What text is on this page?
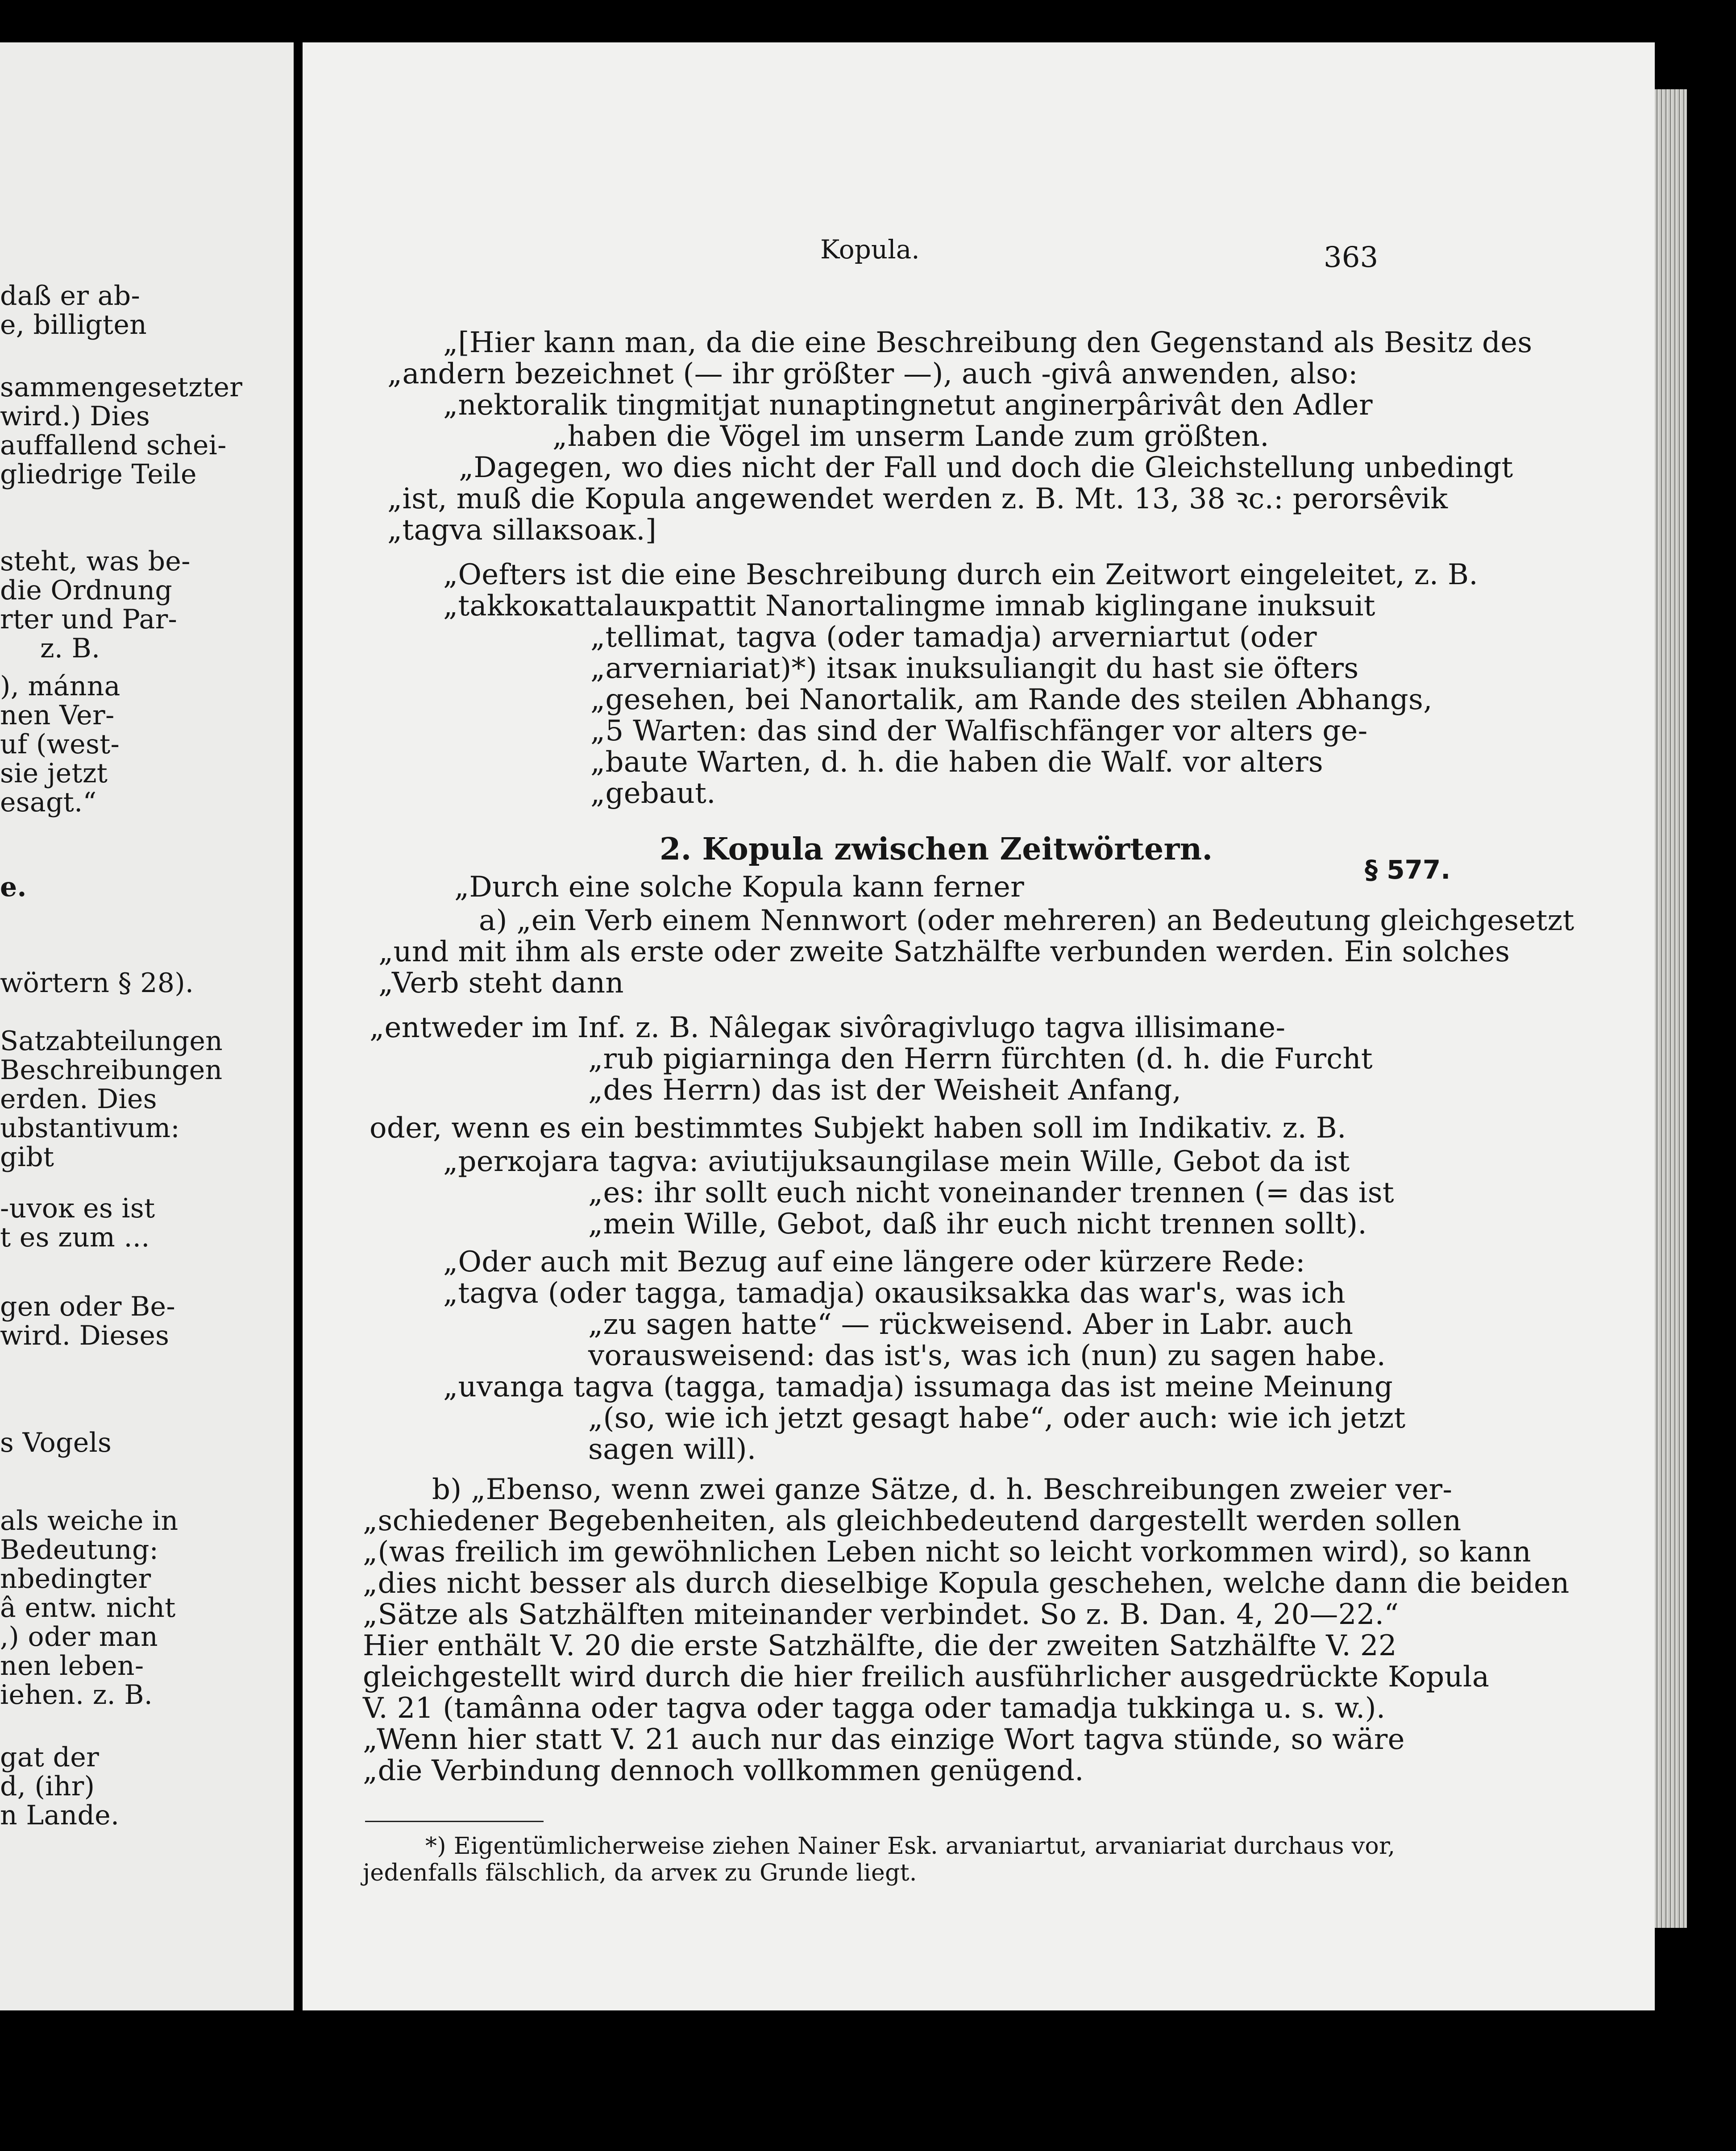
daß er ab-
e, billigten
sammengesetzter
wird.) Dies
auffallend schei-
gliedrige Teile
steht, was be-
die Ordnung
rter und Par-
z. B.
), mánna
nen Ver-
uf (west-
sie jetzt
esagt.“
e.
wörtern § 28).
Satzabteilungen
Beschreibungen
erden. Dies
ubstantivum:
gibt
-uvoĸ es ist
t es zum ...
gen oder Be-
wird. Dieses
s Vogels
als weiche in
Bedeutung:
nbedingter
â entw. nicht
,) oder man
nen leben-
iehen. z. B.
gat der
d, (ihr)
n Lande.
Kopula.	363
„[Hier kann man, da die eine Beschreibung den Gegenstand als Besitz des
„andern bezeichnet (— ihr größter —), auch -givâ anwenden, also:
„nektoralik tingmitjat nunaptingnetut anginerpârivât den Adler
„haben die Vögel im unserm Lande zum größten.
„Dagegen, wo dies nicht der Fall und doch die Gleichstellung unbedingt
„ist, muß die Kopula angewendet werden z. B. Mt. 13, 38 ꝛc.: perorsêvik
„tagva sillaĸsoaĸ.]
„Oefters ist die eine Beschreibung durch ein Zeitwort eingeleitet, z. B.
„takkoĸattalauĸpattit Nanortalingme imnab kiglingane inuksuit
„tellimat, tagva (oder tamadja) arverniartut (oder
„arverniariat)*) itsaĸ inuksuliangit du hast sie öfters
„gesehen, bei Nanortalik, am Rande des steilen Abhangs,
„5 Warten: das sind der Walfischfänger vor alters ge-
„baute Warten, d. h. die haben die Walf. vor alters
„gebaut.
2. Kopula zwischen Zeitwörtern.
§ 577.
„Durch eine solche Kopula kann ferner
a) „ein Verb einem Nennwort (oder mehreren) an Bedeutung gleichgesetzt
„und mit ihm als erste oder zweite Satzhälfte verbunden werden. Ein solches
„Verb steht dann
„entweder im Inf. z. B. Nâlegaĸ sivôragivlugo tagva illisimane-
„rub pigiarninga den Herrn fürchten (d. h. die Furcht
„des Herrn) das ist der Weisheit Anfang,
oder, wenn es ein bestimmtes Subjekt haben soll im Indikativ. z. B.
„perĸojara tagva: aviutijuksaungilase mein Wille, Gebot da ist
„es: ihr sollt euch nicht voneinander trennen (= das ist
„mein Wille, Gebot, daß ihr euch nicht trennen sollt).
„Oder auch mit Bezug auf eine längere oder kürzere Rede:
„tagva (oder tagga, tamadja) oĸausiksakka das war's, was ich
„zu sagen hatte“ — rückweisend. Aber in Labr. auch
vorausweisend: das ist's, was ich (nun) zu sagen habe.
„uvanga tagva (tagga, tamadja) issumaga das ist meine Meinung
„(so, wie ich jetzt gesagt habe“, oder auch: wie ich jetzt
sagen will).
b) „Ebenso, wenn zwei ganze Sätze, d. h. Beschreibungen zweier ver-
„schiedener Begebenheiten, als gleichbedeutend dargestellt werden sollen
„(was freilich im gewöhnlichen Leben nicht so leicht vorkommen wird), so kann
„dies nicht besser als durch dieselbige Kopula geschehen, welche dann die beiden
„Sätze als Satzhälften miteinander verbindet. So z. B. Dan. 4, 20—22.“
Hier enthält V. 20 die erste Satzhälfte, die der zweiten Satzhälfte V. 22
gleichgestellt wird durch die hier freilich ausführlicher ausgedrückte Kopula
V. 21 (tamânna oder tagva oder tagga oder tamadja tukkinga u. s. w.).
„Wenn hier statt V. 21 auch nur das einzige Wort tagva stünde, so wäre
„die Verbindung dennoch vollkommen genügend.
*) Eigentümlicherweise ziehen Nainer Esk. arvaniartut, arvaniariat durchaus vor,
jedenfalls fälschlich, da arveĸ zu Grunde liegt.
